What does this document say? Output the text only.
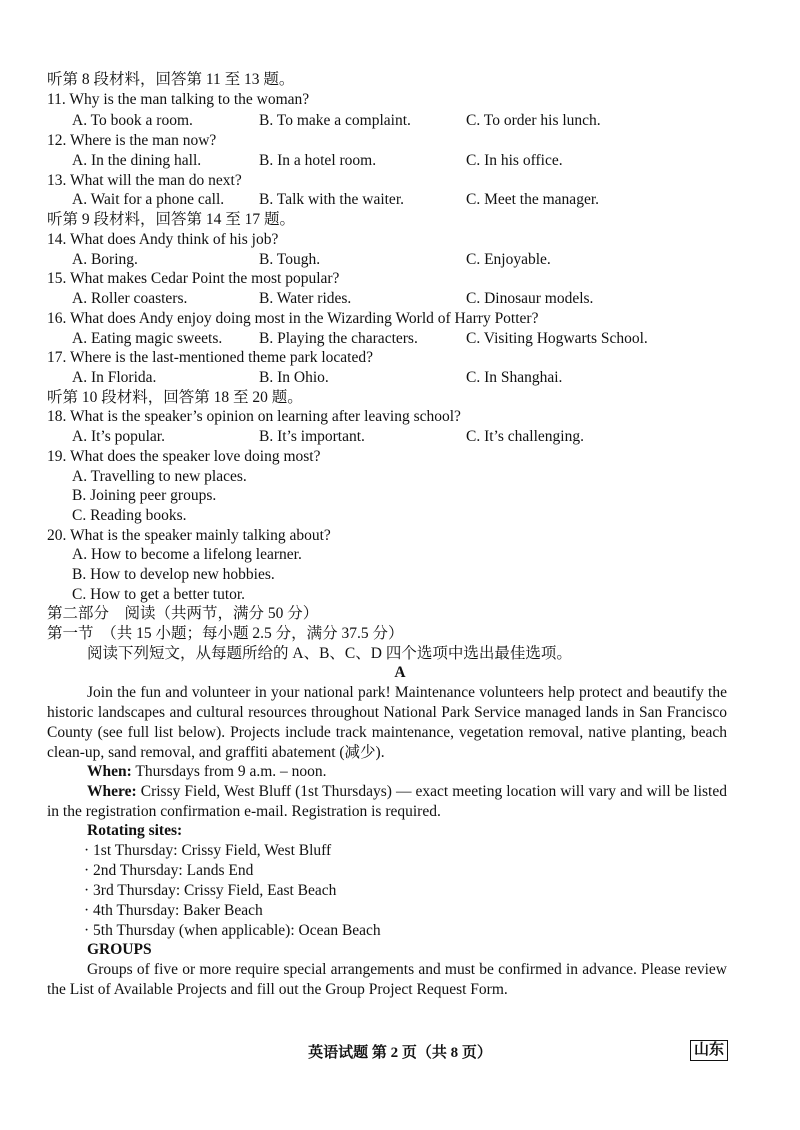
听第 8 段材料，回答第 11 至 13 题。
11. Why is the man talking to the woman?
A. To book a room.	B. To make a complaint.	C. To order his lunch.
12. Where is the man now?
A. In the dining hall.	B. In a hotel room.	C. In his office.
13. What will the man do next?
A. Wait for a phone call. B. Talk with the waiter.	C. Meet the manager.
听第 9 段材料，回答第 14 至 17 题。
14. What does Andy think of his job?
A. Boring.	B. Tough.	C. Enjoyable.
15. What makes Cedar Point the most popular?
A. Roller coasters.	B. Water rides.	C. Dinosaur models.
16. What does Andy enjoy doing most in the Wizarding World of Harry Potter?
A. Eating magic sweets. B. Playing the characters.	C. Visiting Hogwarts School.
17. Where is the last-mentioned theme park located?
A. In Florida.	B. In Ohio.	C. In Shanghai.
听第 10 段材料，回答第 18 至 20 题。
18. What is the speaker’s opinion on learning after leaving school?
A. It’s popular.	B. It’s important.	C. It’s challenging.
19. What does the speaker love doing most?
A. Travelling to new places.
B. Joining peer groups.
C. Reading books.
20. What is the speaker mainly talking about?
A. How to become a lifelong learner.
B. How to develop new hobbies.
C. How to get a better tutor.
第二部分　阅读（共两节，满分 50 分）
第一节　（共 15 小题；每小题 2.5 分，满分 37.5 分）
阅读下列短文，从每题所给的 A、B、C、D 四个选项中选出最佳选项。
A
Join the fun and volunteer in your national park! Maintenance volunteers help protect and beautify the historic landscapes and cultural resources throughout National Park Service managed lands in San Francisco County (see full list below). Projects include track maintenance, vegetation removal, native planting, beach clean-up, sand removal, and graffiti abatement (减少).
When: Thursdays from 9 a.m. – noon.
Where: Crissy Field, West Bluff (1st Thursdays) — exact meeting location will vary and will be listed in the registration confirmation e-mail. Registration is required.
Rotating sites:
· 1st Thursday: Crissy Field, West Bluff
· 2nd Thursday: Lands End
· 3rd Thursday: Crissy Field, East Beach
· 4th Thursday: Baker Beach
· 5th Thursday (when applicable): Ocean Beach
GROUPS
Groups of five or more require special arrangements and must be confirmed in advance. Please review the List of Available Projects and fill out the Group Project Request Form.
英语试题 第 2 页（共 8 页）	山东
